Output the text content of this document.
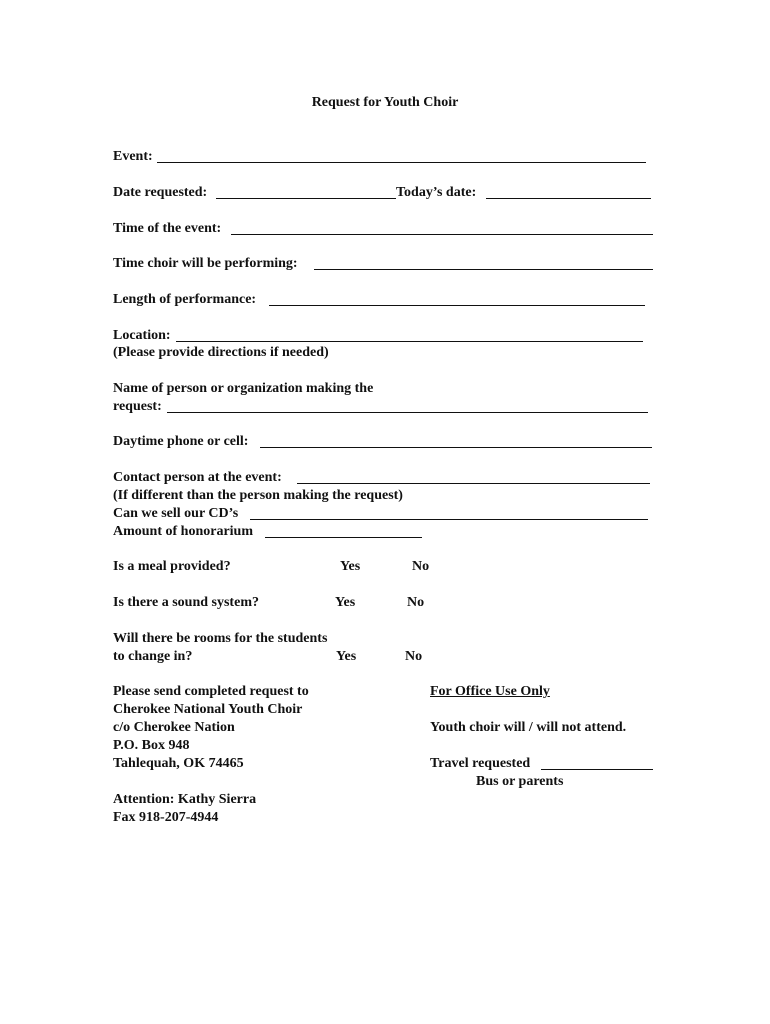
Request for Youth Choir
Event:
Date requested:	Today’s date:
Time of the event:
Time choir will be performing:
Length of performance:
Location:
(Please provide directions if needed)
Name of person or organization making the
request:
Daytime phone or cell:
Contact person at the event:
(If different than the person making the request)
Can we sell our CD’s
Amount of honorarium
Is a meal provided?	Yes	No
Is there a sound system?	Yes	No
Will there be rooms for the students
to change in?	Yes	No
Please send completed request to
Cherokee National Youth Choir
c/o Cherokee Nation
P.O. Box 948
Tahlequah, OK 74465
Attention: Kathy Sierra
Fax 918-207-4944
For Office Use Only
Youth choir will / will not attend.
Travel requested
Bus or parents
